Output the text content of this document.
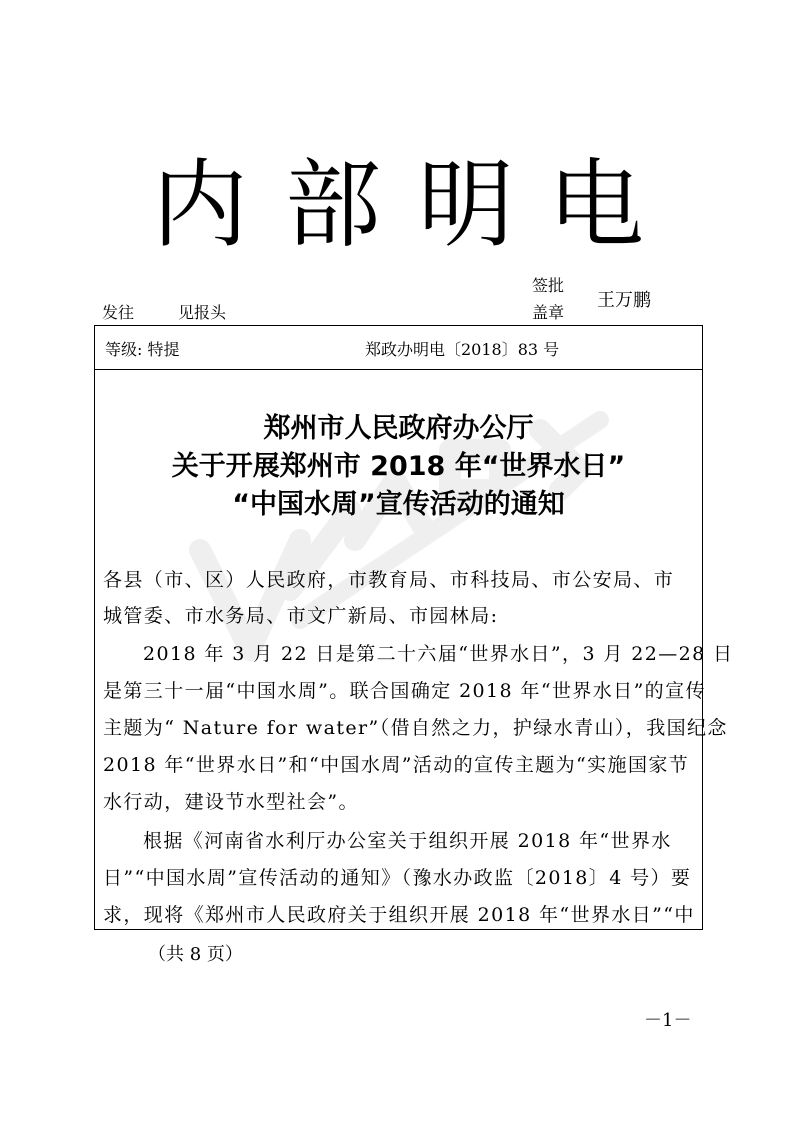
内 部 明 电
发往	见报头
签批
盖章
王万鹏
等级: 特提	郑政办明电〔2018〕83 号
郑州市人民政府办公厅
关于开展郑州市 2018 年“世界水日”
“中国水周”宣传活动的通知
各县（市、区）人民政府，市教育局、市科技局、市公安局、市
城管委、市水务局、市文广新局、市园林局:
2018 年 3 月 22 日是第二十六届“世界水日”，3 月 22—28 日
是第三十一届“中国水周”。联合国确定 2018 年“世界水日”的宣传
主题为“ Nature for water”（借自然之力，护绿水青山），我国纪念
2018 年“世界水日”和“中国水周”活动的宣传主题为“实施国家节
水行动，建设节水型社会”。
根据《河南省水利厅办公室关于组织开展 2018 年“世界水
日”“中国水周”宣传活动的通知》（豫水办政监〔2018〕4 号）要
求，现将《郑州市人民政府关于组织开展 2018 年“世界水日”“中
（共 8 页）
－1－
